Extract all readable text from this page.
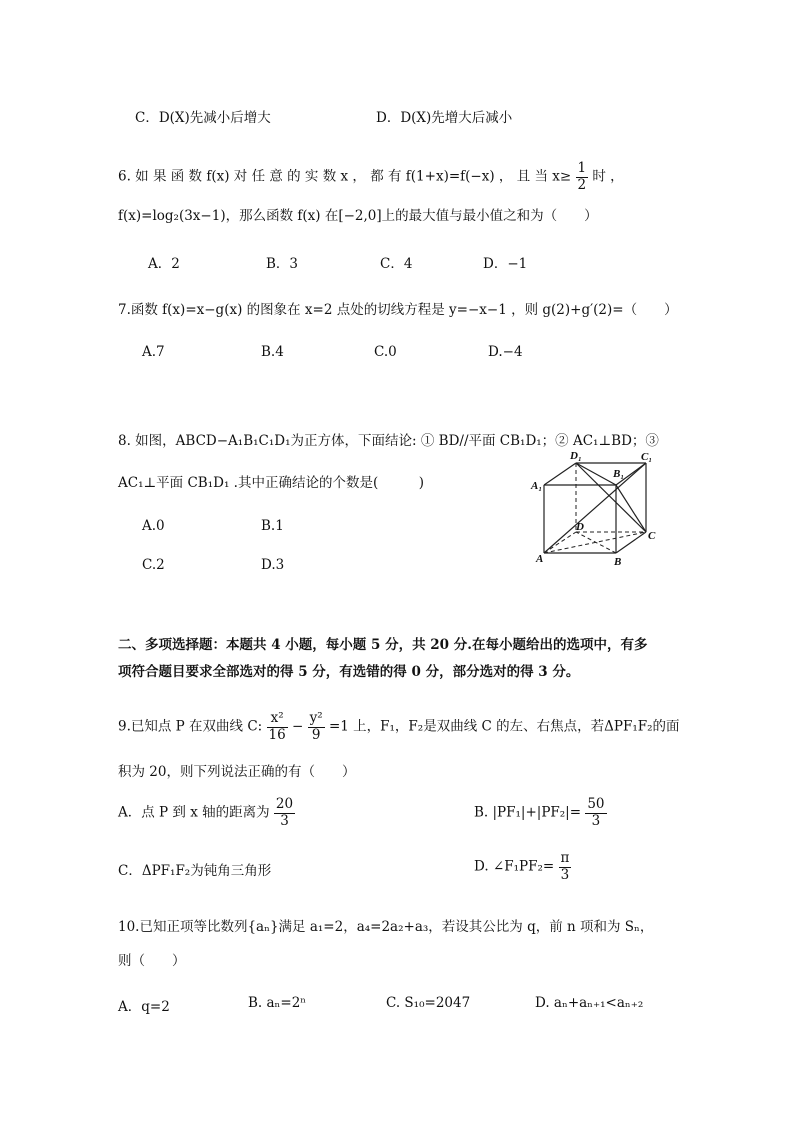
C．D(X)先减小后增大	D．D(X)先增大后减小
6. 如 果 函 数 f(x) 对 任 意 的 实 数 x ， 都 有 f(1+x)=f(−x) ， 且 当 $x\ge \frac{1}{2}$ 时 ，
f(x)=log₂(3x−1)，那么函数 f(x) 在[−2,0]上的最大值与最小值之和为（　　）
A．2	B．3	C．4	D．−1
7.函数 f(x)=x−g(x) 的图象在 x=2 点处的切线方程是 y=−x−1 ，则 g(2)+g′(2)=（　　）
A.7	B.4	C.0	D.−4
8. 如图，ABCD−A₁B₁C₁D₁为正方体，下面结论: ① BD//平面 CB₁D₁；② AC₁⊥BD；③
AC₁⊥平面 CB₁D₁ .其中正确结论的个数是(　　　)
A.0	B.1
C.2	D.3
D₁
B₁
C₁
A₁
D
C
A	B
二、多项选择题：本题共 4 小题，每小题 5 分，共 20 分.在每小题给出的选项中，有多
项符合题目要求全部选对的得 5 分，有选错的得 0 分，部分选对的得 3 分。
9.已知点 P 在双曲线 C: $\frac{\text{x²}}{16} - \frac{\text{y²}}{9} =1$ 上，F₁，F₂是双曲线 C 的左、右焦点，若ΔPF₁F₂的面
积为 20，则下列说法正确的有（　　）
A．点 P 到 x 轴的距离为 $\frac{20}{3}$	B. $|PF_1|+|PF_2|= \frac{50}{3}$
C．ΔPF₁F₂为钝角三角形	D. ∠F₁PF₂= $\frac{\pi}{3}$
10.已知正项等比数列{aₙ}满足 a₁=2，a₄=2a₂+a₃，若设其公比为 q，前 n 项和为 Sₙ，
则（　　）
A．q=2	B. aₙ=2ⁿ	C. S₁₀=2047	D. aₙ+aₙ₊₁<aₙ₊₂
